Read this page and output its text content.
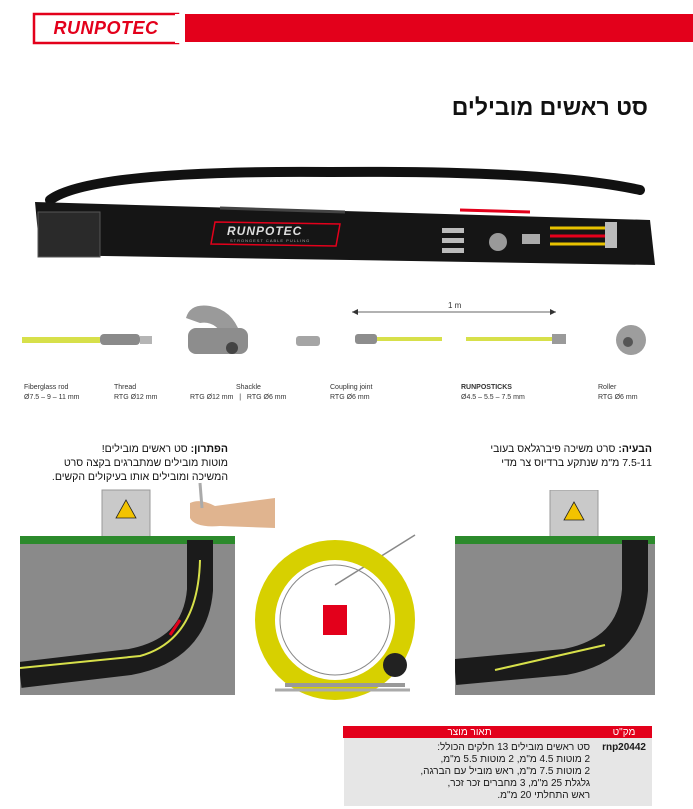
RUNPOTEC
סט ראשים מובילים
RUNPOTEC
STRONGEST CABLE PULLING
1 m
Fiberglass rod
Ø7.5 – 9 – 11 mm
Thread
RTG Ø12 mm
Shackle
RTG Ø12 mm   |   RTG Ø6 mm
Coupling joint
RTG Ø6 mm
RUNPOSTICKS
Ø4.5 – 5.5 – 7.5 mm
Roller
RTG Ø6 mm
הפתרון: סט ראשים מובילים!
מוטות מובילים שמתברגים בקצה סרט
המשיכה ומובילים אותו בעיקולים הקשים.
הבעיה: סרט משיכה פיברגלאס בעובי 7.5-11 מ"מ שנתקע ברדיוס צר מדי
מק"ט	תאור מוצר
rnp20442	סט ראשים מובילים 13 חלקים הכולל:
2 מוטות 4.5 מ"מ, 2 מוטות 5.5 מ"מ,
2 מוטות 7.5 מ"מ, ראש מוביל עם הברגה,
גלגלת 25 מ"מ, 3 מחברים זכר זכר,
ראש התחלתי 20 מ"מ.
